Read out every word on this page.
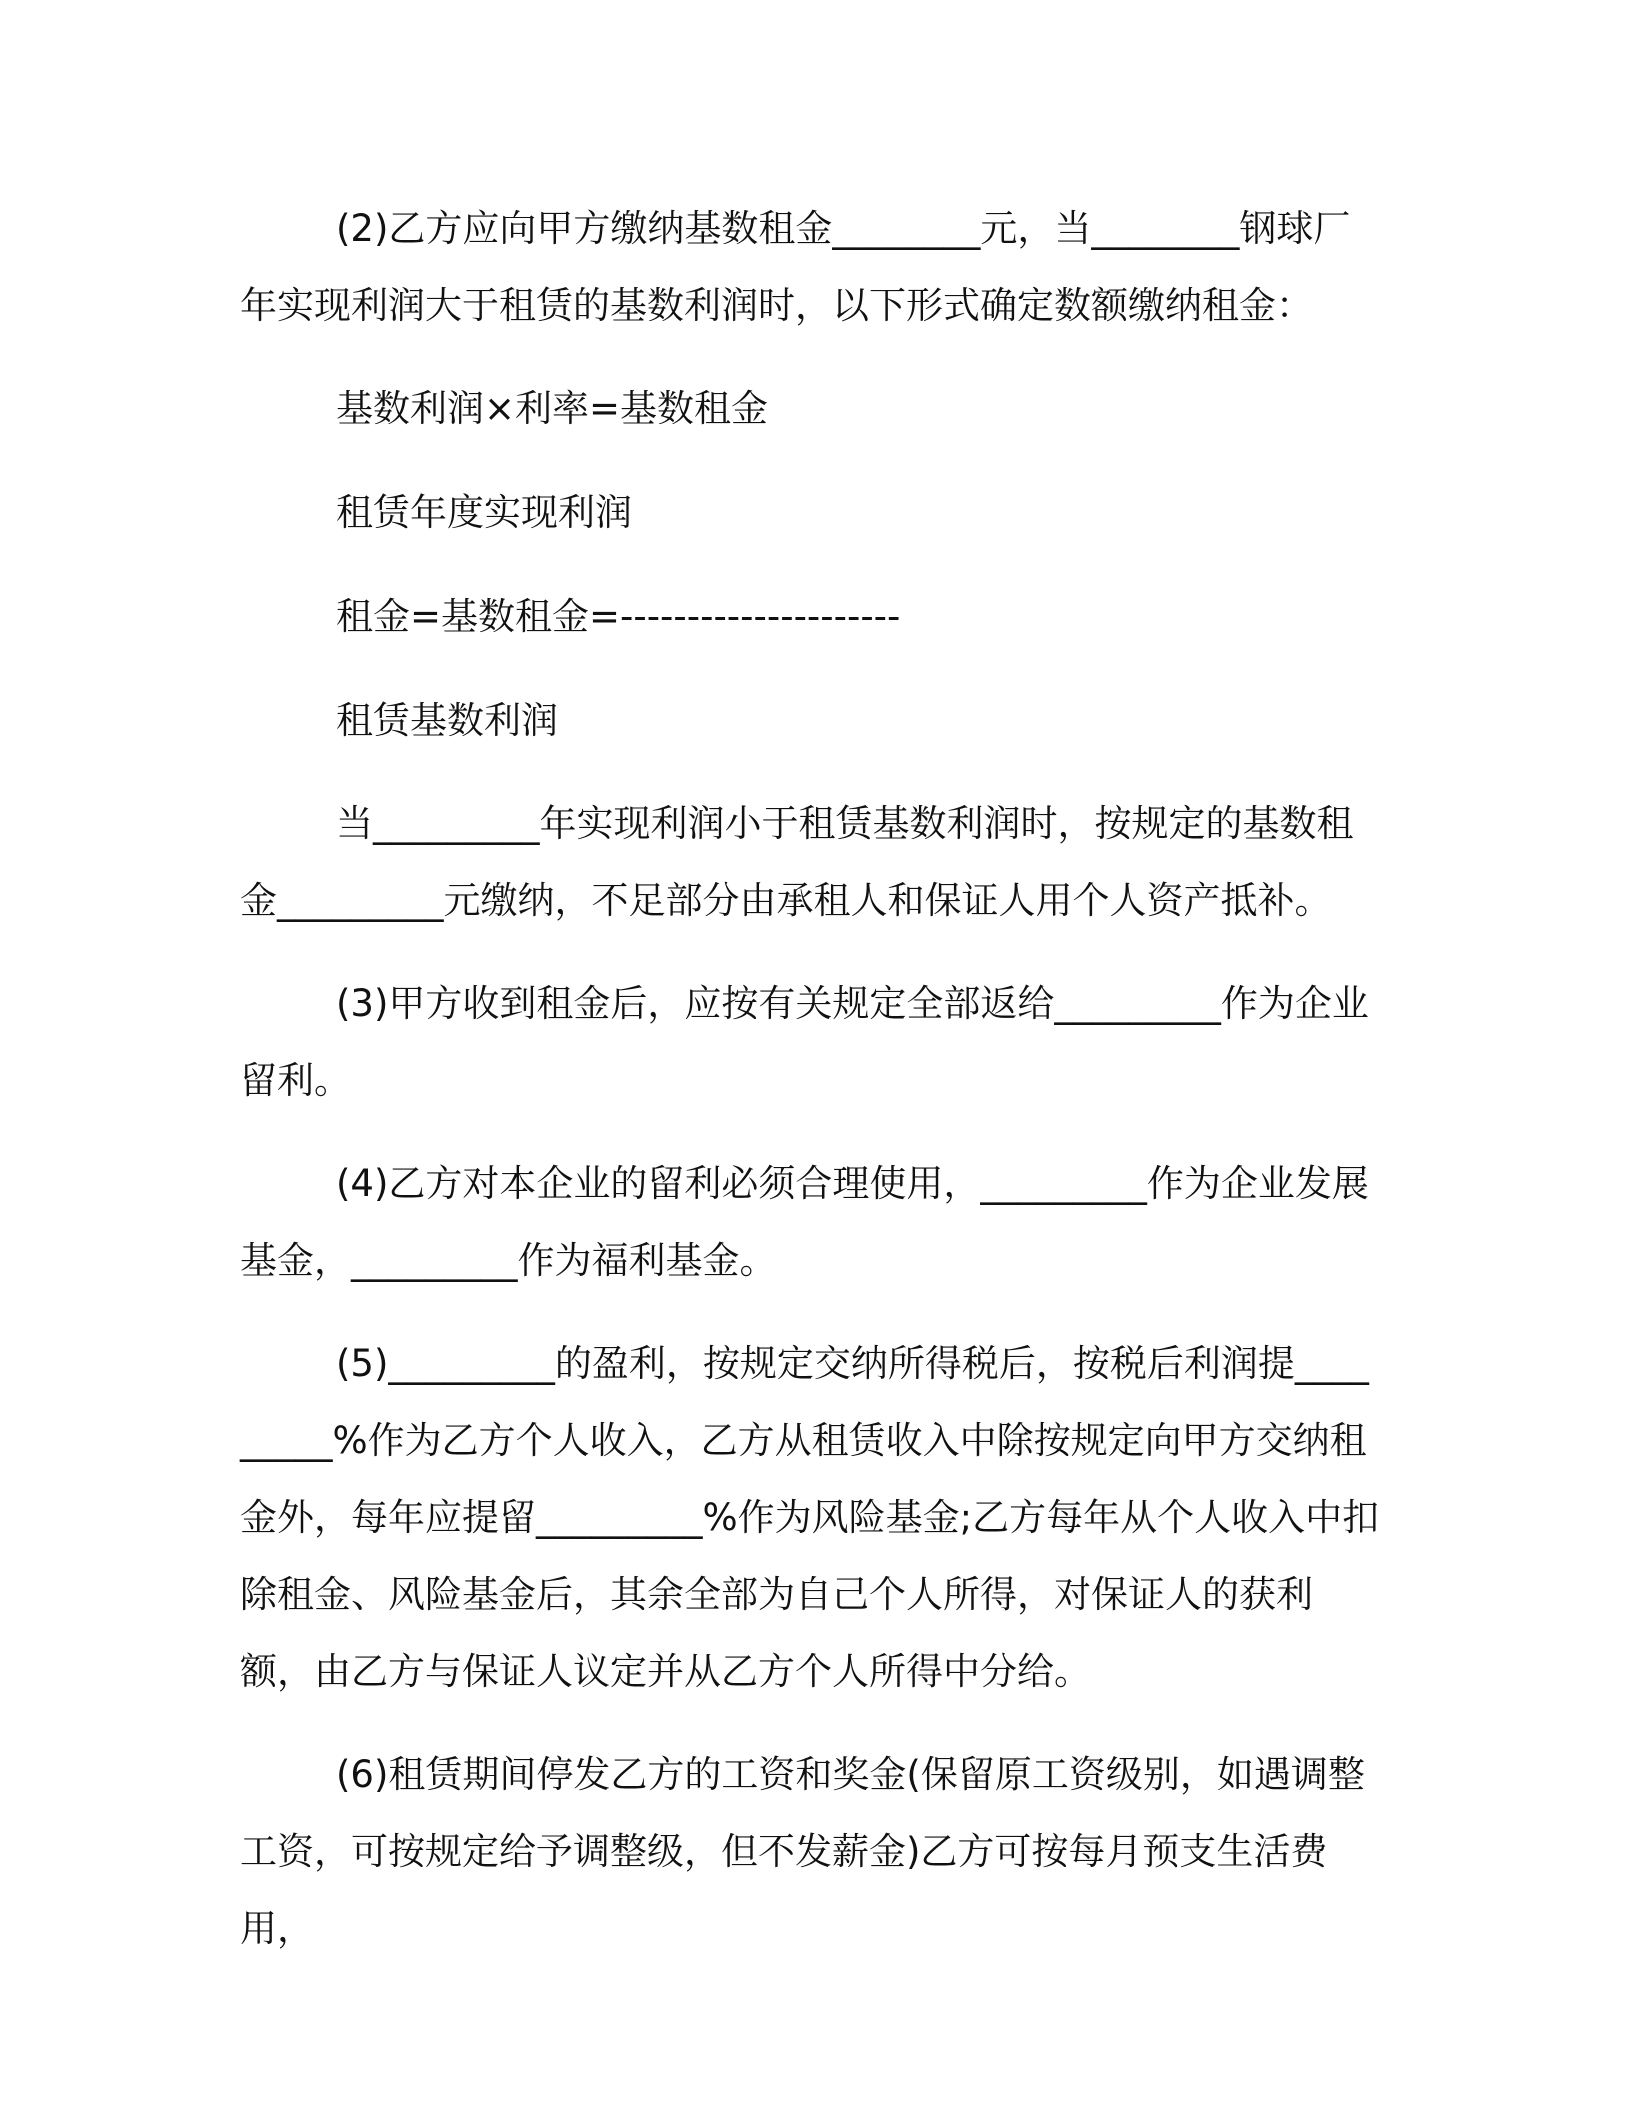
(2)乙方应向甲方缴纳基数租金________元，当________钢球厂年实现利润大于租赁的基数利润时，以下形式确定数额缴纳租金：

基数利润×利率=基数租金

租赁年度实现利润

租金=基数租金=---------------------

租赁基数利润

当_________年实现利润小于租赁基数利润时，按规定的基数租金_________元缴纳，不足部分由承租人和保证人用个人资产抵补。

(3)甲方收到租金后，应按有关规定全部返给_________作为企业留利。

(4)乙方对本企业的留利必须合理使用，_________作为企业发展基金，_________作为福利基金。

(5)_________的盈利，按规定交纳所得税后，按税后利润提_________%作为乙方个人收入，乙方从租赁收入中除按规定向甲方交纳租金外，每年应提留_________%作为风险基金;乙方每年从个人收入中扣除租金、风险基金后，其余全部为自己个人所得，对保证人的获利额，由乙方与保证人议定并从乙方个人所得中分给。

(6)租赁期间停发乙方的工资和奖金(保留原工资级别，如遇调整工资，可按规定给予调整级，但不发薪金)乙方可按每月预支生活费用，
